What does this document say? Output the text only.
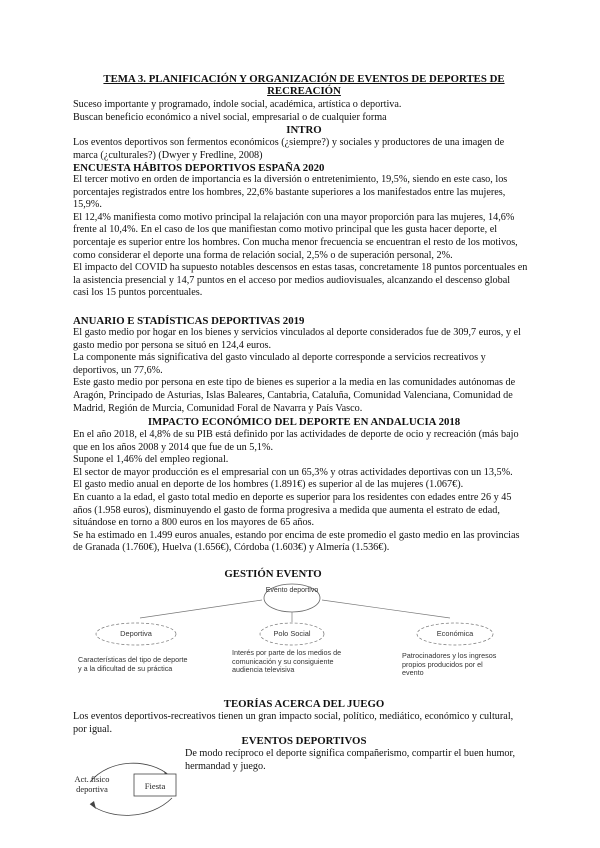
TEMA 3. PLANIFICACIÓN Y ORGANIZACIÓN DE EVENTOS DE DEPORTES DE RECREACIÓN

Suceso importante y programado, índole social, académica, artística o deportiva.

Buscan beneficio económico a nivel social, empresarial o de cualquier forma

INTRO
Los eventos deportivos son fermentos económicos (¿siempre?) y sociales y productores de una imagen de marca (¿culturales?) (Dwyer y Fredline, 2008)
ENCUESTA HÁBITOS DEPORTIVOS ESPAÑA 2020

El tercer motivo en orden de importancia es la diversión o entretenimiento, 19,5%, siendo en este caso, los porcentajes registrados entre los hombres, 22,6% bastante superiores a los manifestados entre las mujeres, 15,9%.

El 12,4% manifiesta como motivo principal la relajación con una mayor proporción para las mujeres, 14,6% frente al 10,4%. En el caso de los que manifiestan como motivo principal que les gusta hacer deporte, el porcentaje es superior entre los hombres. Con mucha menor frecuencia se encuentran el resto de los motivos, como considerar el deporte una forma de relación social, 2,5% o de superación personal, 2%.

El impacto del COVID ha supuesto notables descensos en estas tasas, concretamente 18 puntos porcentuales en la asistencia presencial y 14,7 puntos en el acceso por medios audiovisuales, alcanzando el descenso global casi los 15 puntos porcentuales.

ANUARIO E STADÍSTICAS DEPORTIVAS 2019

El gasto medio por hogar en los bienes y servicios vinculados al deporte considerados fue de 309,7 euros, y el gasto medio por persona se situó en 124,4 euros.

La componente más significativa del gasto vinculado al deporte corresponde a servicios recreativos y deportivos, un 77,6%.

Este gasto medio por persona en este tipo de bienes es superior a la media en las comunidades autónomas de Aragón, Principado de Asturias, Islas Baleares, Cantabria, Cataluña, Comunidad Valenciana, Comunidad de Madrid, Región de Murcia, Comunidad Foral de Navarra y País Vasco.

IMPACTO ECONÓMICO DEL DEPORTE EN ANDALUCIA 2018

En el año 2018, el 4,8% de su PIB está definido por las actividades de deporte de ocio y recreación (más bajo que en los años 2008 y 2014 que fue de un 5,1%.

Supone el 1,46% del empleo regional.

El sector de mayor producción es el empresarial con un 65,3% y otras actividades deportivas con un 13,5%.

El gasto medio anual en deporte de los hombres (1.891€) es superior al de las mujeres (1.067€).

En cuanto a la edad, el gasto total medio en deporte es superior para los residentes con edades entre 26 y 45 años (1.958 euros), disminuyendo el gasto de forma progresiva a medida que aumenta el estrato de edad, situándose en torno a 800 euros en los mayores de 65 años.

Se ha estimado en 1.499 euros anuales, estando por encima de este promedio el gasto medio en las provincias de Granada (1.760€), Huelva (1.656€), Córdoba (1.603€) y Almería (1.536€).

GESTIÓN EVENTO
Evento deportivo
Deportiva	Polo Social	Económica
Características del tipo de deporte y a la dificultad de su práctica
Interés por parte de los medios de comunicación y su consiguiente audiencia televisiva
Patrocinadores y los ingresos propios producidos por el evento
TEORÍAS ACERCA DEL JUEGO
Los eventos deportivos-recreativos tienen un gran impacto social, político, mediático, económico y cultural, por igual.
EVENTOS DEPORTIVOS
De modo recíproco el deporte significa compañerismo, compartir el buen humor, hermandad y juego.
Act. físico deportiva	Fiesta
